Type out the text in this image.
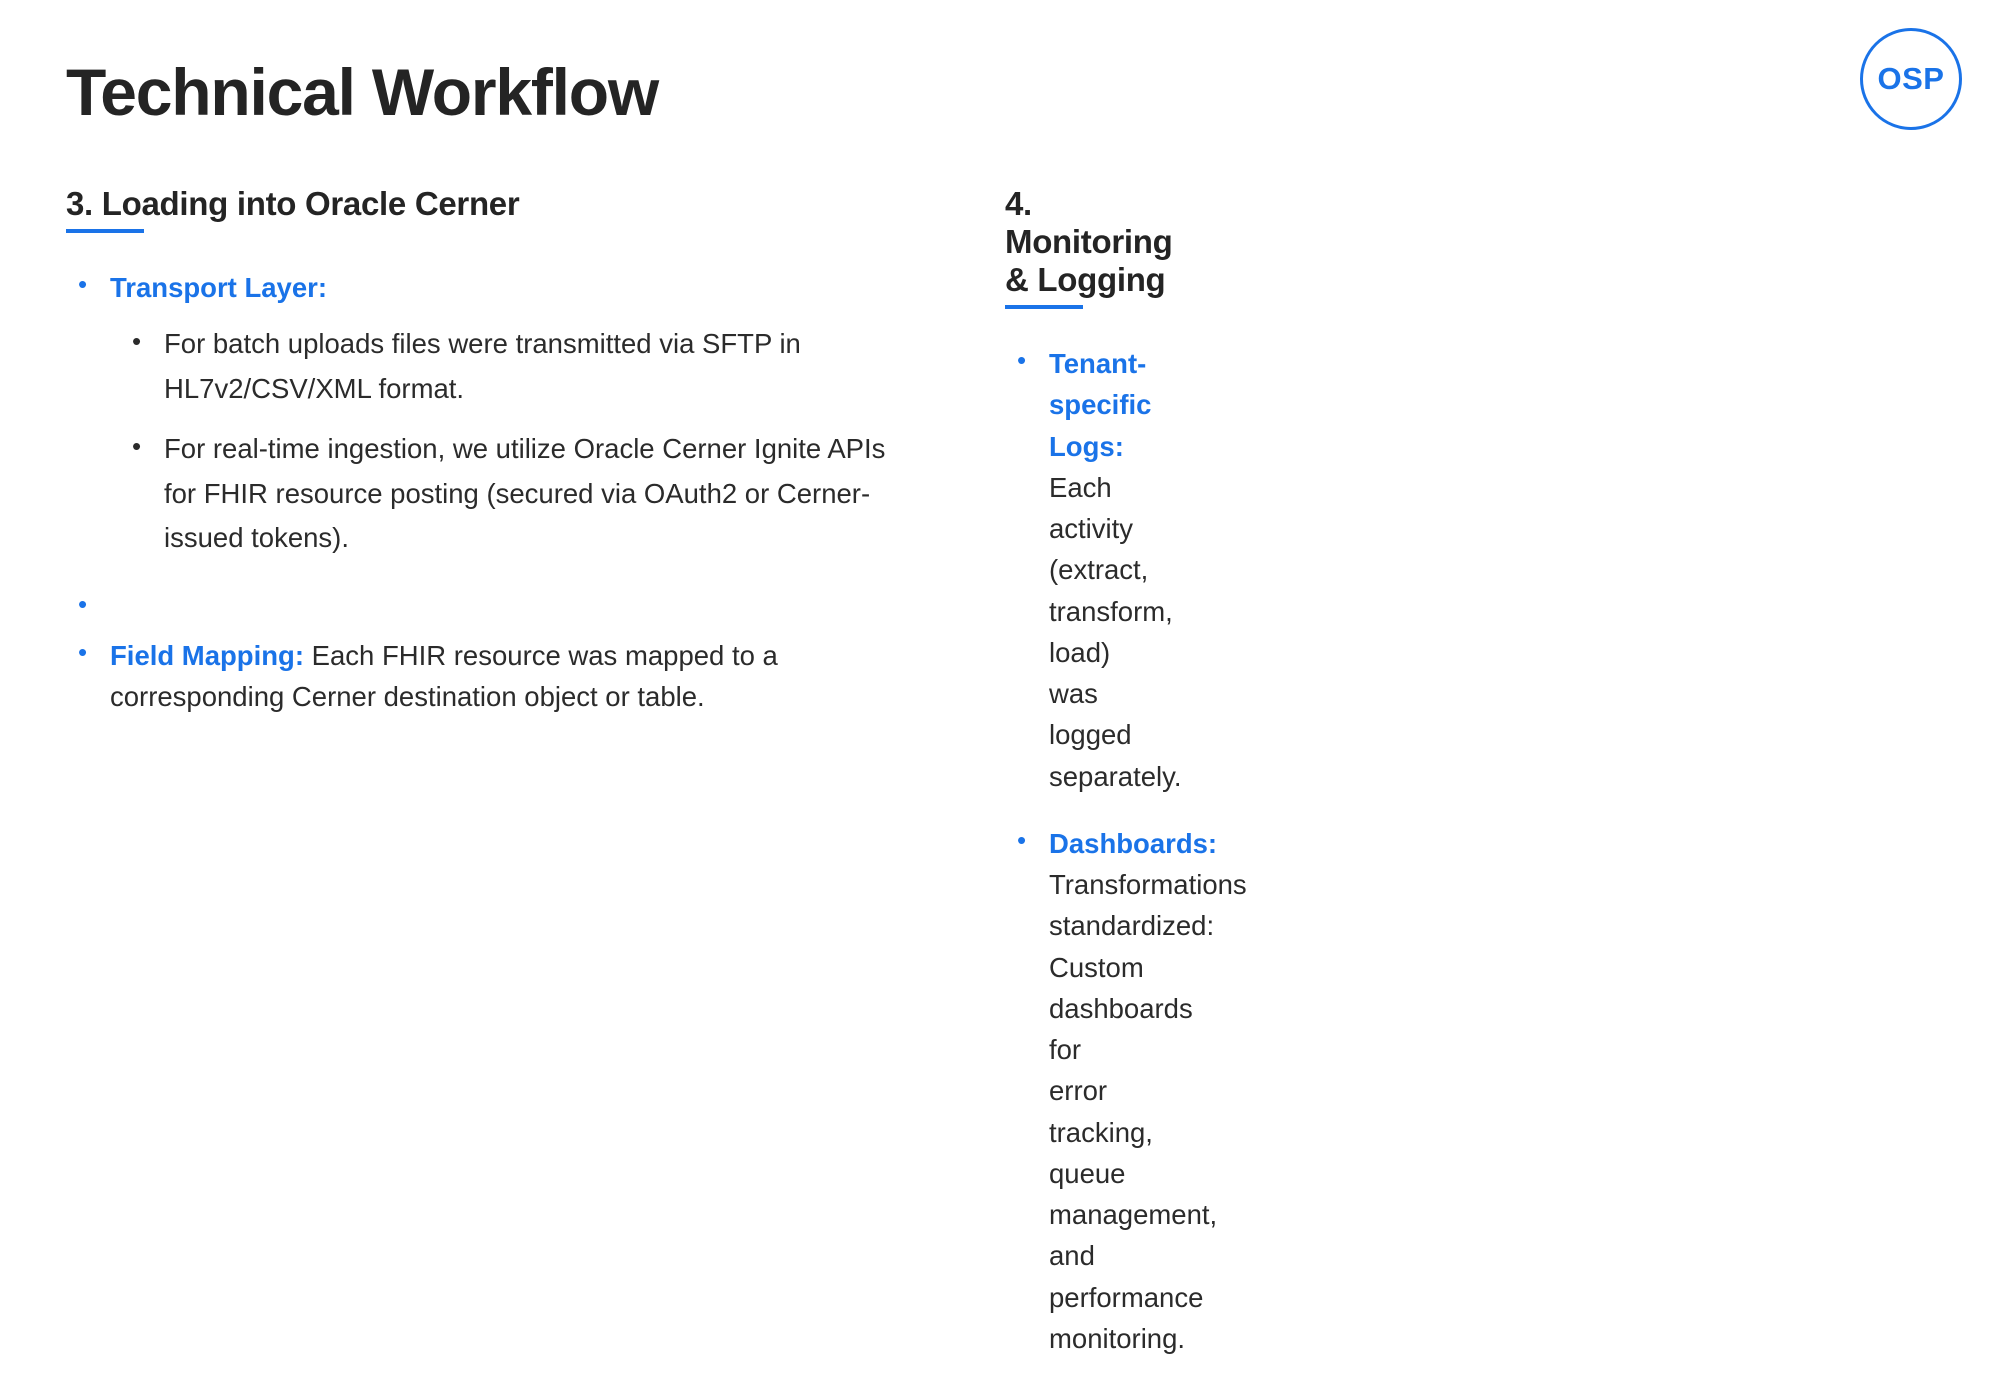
OSP
Technical Workflow
3. Loading into Oracle Cerner
• Transport Layer:
• For batch uploads files were transmitted via SFTP in HL7v2/CSV/XML format.
• For real-time ingestion, we utilize Oracle Cerner Ignite APIs for FHIR resource posting (secured via OAuth2 or Cerner-issued tokens).
•
• Field Mapping: Each FHIR resource was mapped to a corresponding Cerner destination object or table.
4. Monitoring & Logging
• Tenant-specific Logs: Each activity (extract, transform, load) was logged separately.
• Dashboards: Transformations standardized: Custom dashboards for error tracking, queue management, and performance monitoring.
